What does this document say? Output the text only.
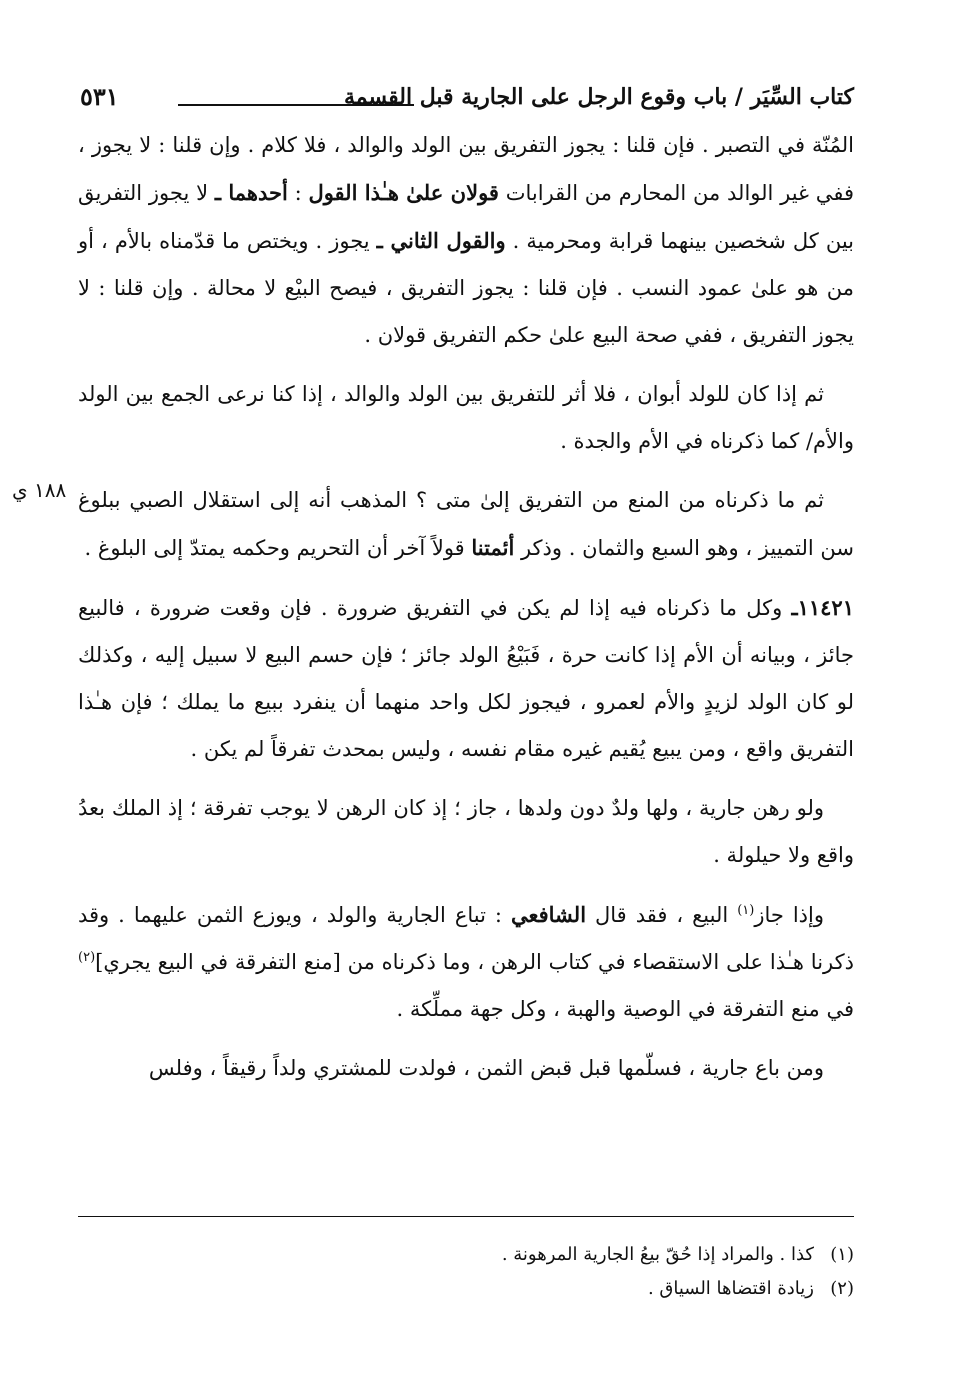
كتاب السِّيَر / باب وقوع الرجل على الجارية قبل القسمة
٥٣١

المُنّة في التصبر . فإن قلنا : يجوز التفريق بين الولد والوالد ، فلا كلام . وإن قلنا : لا يجوز ، ففي غير الوالد من المحارم من القرابات قولان علىٰ هـٰذا القول : أحدهما ـ لا يجوز التفريق بين كل شخصين بينهما قرابة ومحرمية . والقول الثاني ـ يجوز . ويختص ما قدّمناه بالأم ، أو من هو علىٰ عمود النسب . فإن قلنا : يجوز التفريق ، فيصح البيْع لا محالة . وإن قلنا : لا يجوز التفريق ، ففي صحة البيع علىٰ حكم التفريق قولان .

ثم إذا كان للولد أبوان ، فلا أثر للتفريق بين الولد والوالد ، إذا كنا نرعى الجمع بين الولد والأم/ كما ذكرناه في الأم والجدة .

ثم ما ذكرناه من المنع من التفريق إلىٰ متى ؟ المذهب أنه إلى استقلال الصبي ببلوغ سن التمييز ، وهو السبع والثمان . وذكر أئمتنا قولاً آخر أن التحريم وحكمه يمتدّ إلى البلوغ .

١١٤٢١ـ وكل ما ذكرناه فيه إذا لم يكن في التفريق ضرورة . فإن وقعت ضرورة ، فالبيع جائز ، وبيانه أن الأم إذا كانت حرة ، فَبَيْعُ الولد جائز ؛ فإن حسم البيع لا سبيل إليه ، وكذلك لو كان الولد لزيدٍ والأم لعمرو ، فيجوز لكل واحد منهما أن ينفرد ببيع ما يملك ؛ فإن هـٰذا التفريق واقع ، ومن يبيع يُقيم غيره مقام نفسه ، وليس بمحدث تفرقاً لم يكن .

ولو رهن جارية ، ولها ولدٌ دون ولدها ، جاز ؛ إذ كان الرهن لا يوجب تفرقة ؛ إذ الملك بعدُ واقع ولا حيلولة .

وإذا جاز$^{(١)}$ البيع ، فقد قال الشافعي : تباع الجارية والولد ، ويوزع الثمن عليهما . وقد ذكرنا هـٰذا على الاستقصاء في كتاب الرهن ، وما ذكرناه من [منع التفرقة في البيع يجري]$^{(٢)}$ في منع التفرقة في الوصية والهبة ، وكل جهة مملِّكة .

ومن باع جارية ، فسلّمها قبل قبض الثمن ، فولدت للمشتري ولداً رقيقاً ، وفلس

١٨٨ ي
(١)كذا . والمراد إذا حُقّ بيعُ الجارية المرهونة .
(٢)زيادة اقتضاها السياق .
